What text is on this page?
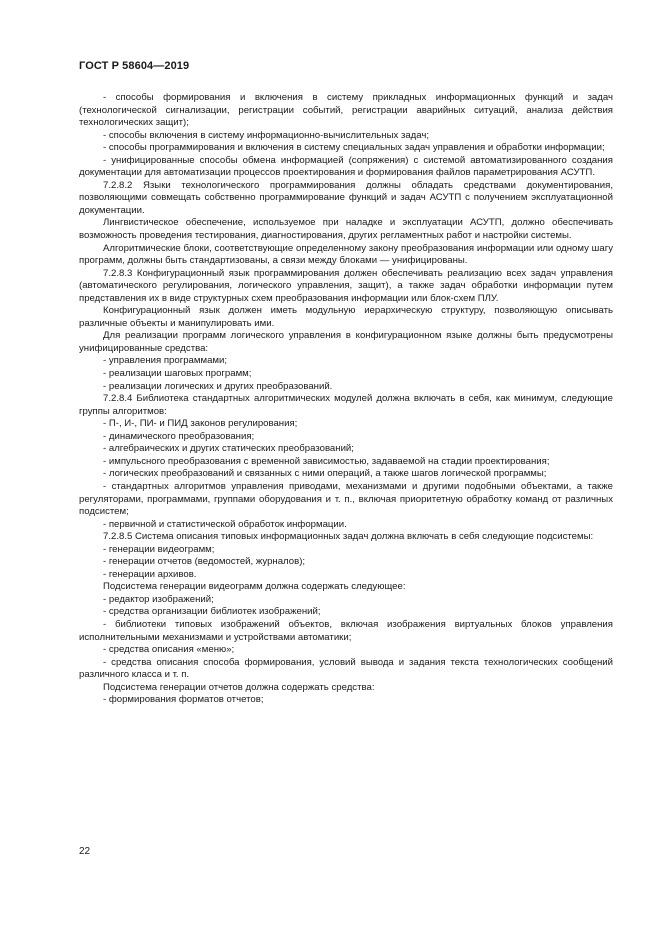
ГОСТ Р 58604—2019

- способы формирования и включения в систему прикладных информационных функций и задач (технологической сигнализации, регистрации событий, регистрации аварийных ситуаций, анализа действия технологических защит);

- способы включения в систему информационно-вычислительных задач;

- способы программирования и включения в систему специальных задач управления и обработки информации;

- унифицированные способы обмена информацией (сопряжения) с системой автоматизированного создания документации для автоматизации процессов проектирования и формирования файлов параметрирования АСУТП.

7.2.8.2 Языки технологического программирования должны обладать средствами документирования, позволяющими совмещать собственно программирование функций и задач АСУТП с получением эксплуатационной документации.

Лингвистическое обеспечение, используемое при наладке и эксплуатации АСУТП, должно обеспечивать возможность проведения тестирования, диагностирования, других регламентных работ и настройки системы.

Алгоритмические блоки, соответствующие определенному закону преобразования информации или одному шагу программ, должны быть стандартизованы, а связи между блоками — унифицированы.

7.2.8.3 Конфигурационный язык программирования должен обеспечивать реализацию всех задач управления (автоматического регулирования, логического управления, защит), а также задач обработки информации путем представления их в виде структурных схем преобразования информации или блок-схем ПЛУ.

Конфигурационный язык должен иметь модульную иерархическую структуру, позволяющую описывать различные объекты и манипулировать ими.

Для реализации программ логического управления в конфигурационном языке должны быть предусмотрены унифицированные средства:

- управления программами;

- реализации шаговых программ;

- реализации логических и других преобразований.

7.2.8.4 Библиотека стандартных алгоритмических модулей должна включать в себя, как минимум, следующие группы алгоритмов:

- П-, И-, ПИ- и ПИД законов регулирования;

- динамического преобразования;

- алгебраических и других статических преобразований;

- импульсного преобразования с временной зависимостью, задаваемой на стадии проектирования;

- логических преобразований и связанных с ними операций, а также шагов логической программы;

- стандартных алгоритмов управления приводами, механизмами и другими подобными объектами, а также регуляторами, программами, группами оборудования и т. п., включая приоритетную обработку команд от различных подсистем;

- первичной и статистической обработок информации.

7.2.8.5 Система описания типовых информационных задач должна включать в себя следующие подсистемы:

- генерации видеограмм;

- генерации отчетов (ведомостей, журналов);

- генерации архивов.

Подсистема генерации видеограмм должна содержать следующее:

- редактор изображений;

- средства организации библиотек изображений;

- библиотеки типовых изображений объектов, включая изображения виртуальных блоков управления исполнительными механизмами и устройствами автоматики;

- средства описания «меню»;

- средства описания способа формирования, условий вывода и задания текста технологических сообщений различного класса и т. п.

Подсистема генерации отчетов должна содержать средства:

- формирования форматов отчетов;

22
